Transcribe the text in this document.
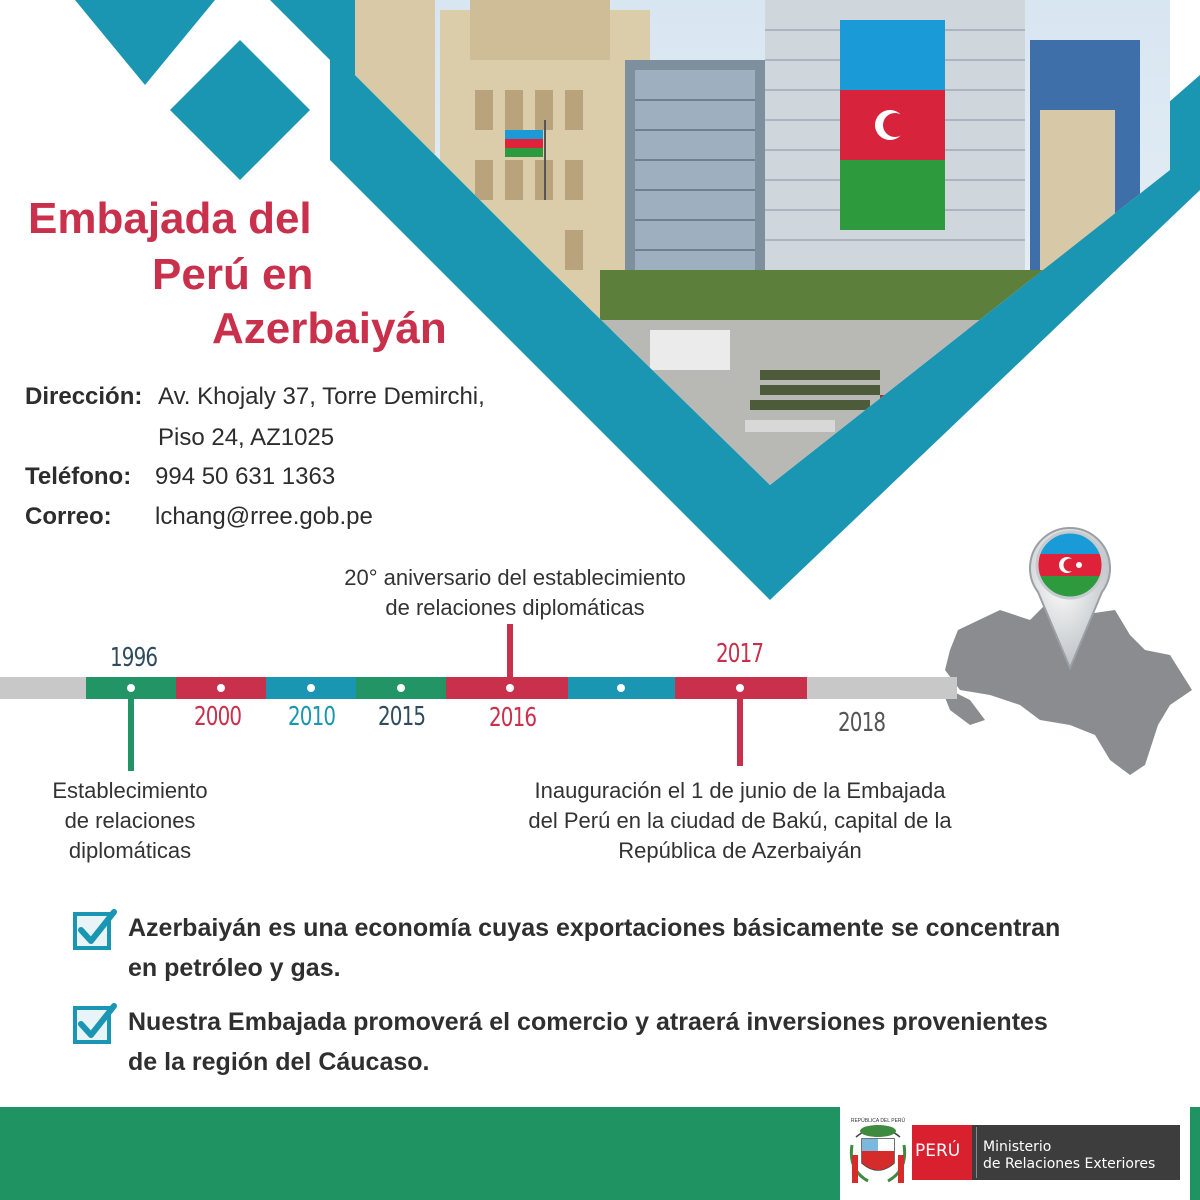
Embajada del
Perú en
Azerbaiyán
Dirección: Av. Khojaly 37, Torre Demirchi,
Piso 24, AZ1025
Teléfono: 994 50 631 1363
Correo: lchang@rree.gob.pe
1996
2000 2010 2015 2016
2017
2018
Establecimiento
de relaciones
diplomáticas
20° aniversario del establecimiento
de relaciones diplomáticas
Inauguración el 1 de junio de la Embajada
del Perú en la ciudad de Bakú, capital de la
República de Azerbaiyán
Azerbaiyán es una economía cuyas exportaciones básicamente se concentran
en petróleo y gas.
Nuestra Embajada promoverá el comercio y atraerá inversiones provenientes
de la región del Cáucaso.
REPÚBLICA DEL PERÚ
PERÚ Ministerio
de Relaciones Exteriores
